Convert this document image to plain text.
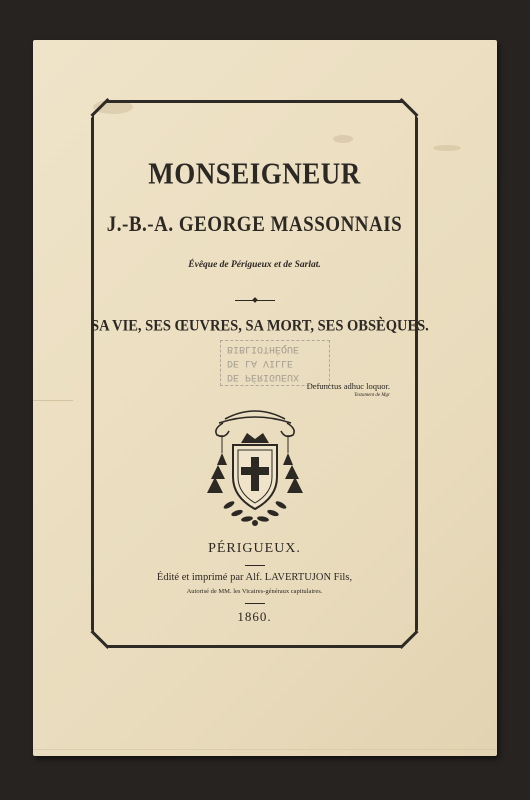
MONSEIGNEUR
J.-B.-A. GEORGE MASSONNAIS
Évêque de Périgueux et de Sarlat.
SA VIE, SES ŒUVRES, SA MORT, SES OBSÈQUES.
DE PÉRIGUEUX
DE LA VILLE
BIBLIOTHÈQUE
Defunctus adhuc loquor.
Testament de Mgr
PÉRIGUEUX.
Édité et imprimé par Alf. LAVERTUJON Fils,
Autorisé de MM. les Vicaires-généraux capitulaires.
1860.
